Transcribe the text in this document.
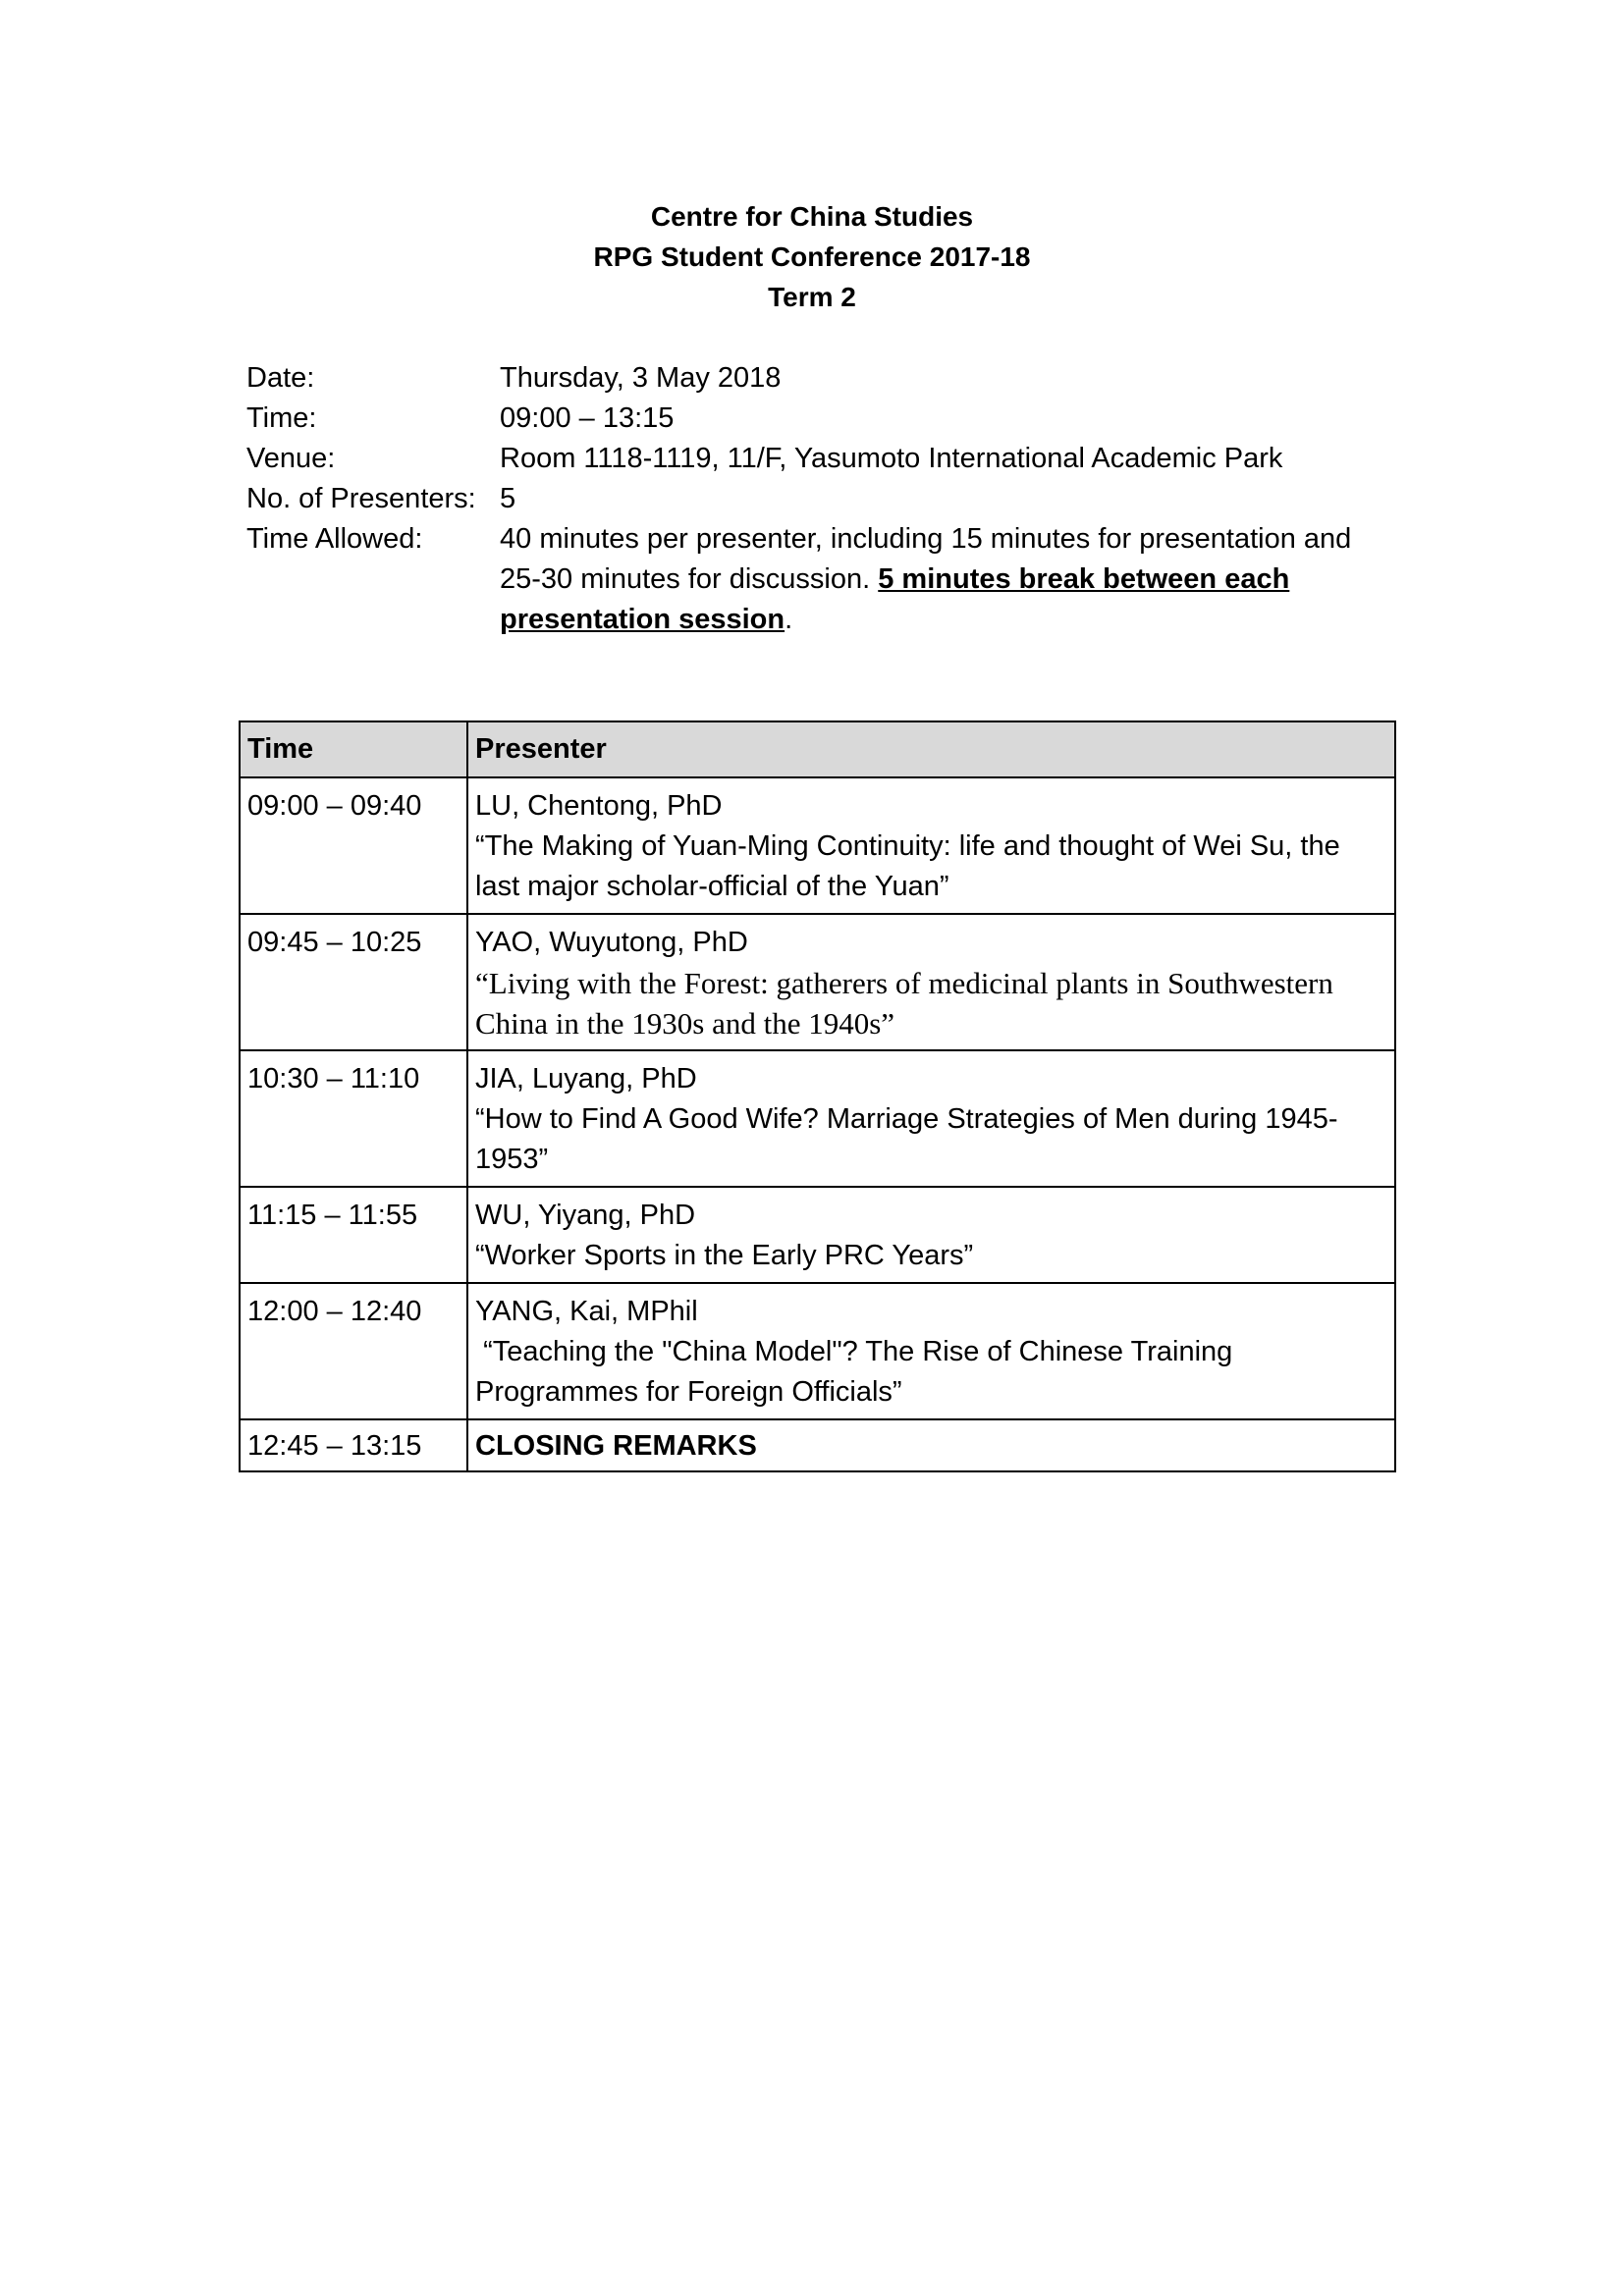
Centre for China Studies
RPG Student Conference 2017-18
Term 2
Date:	Thursday, 3 May 2018
Time:	09:00 – 13:15
Venue:	Room 1118-1119, 11/F, Yasumoto International Academic Park
No. of Presenters: 5
Time Allowed:	40 minutes per presenter, including 15 minutes for presentation and 25-30 minutes for discussion. 5 minutes break between each presentation session.
Time	Presenter
09:00 – 09:40	LU, Chentong, PhD
“The Making of Yuan-Ming Continuity: life and thought of Wei Su, the last major scholar-official of the Yuan”

09:45 – 10:25	YAO, Wuyutong, PhD
“Living with the Forest: gatherers of medicinal plants in Southwestern China in the 1930s and the 1940s”

10:30 – 11:10	JIA, Luyang, PhD
“How to Find A Good Wife? Marriage Strategies of Men during 1945-1953”

11:15 – 11:55	WU, Yiyang, PhD
“Worker Sports in the Early PRC Years”

12:00 – 12:40	YANG, Kai, MPhil
“Teaching the "China Model"? The Rise of Chinese Training Programmes for Foreign Officials”

12:45 – 13:15	CLOSING REMARKS
